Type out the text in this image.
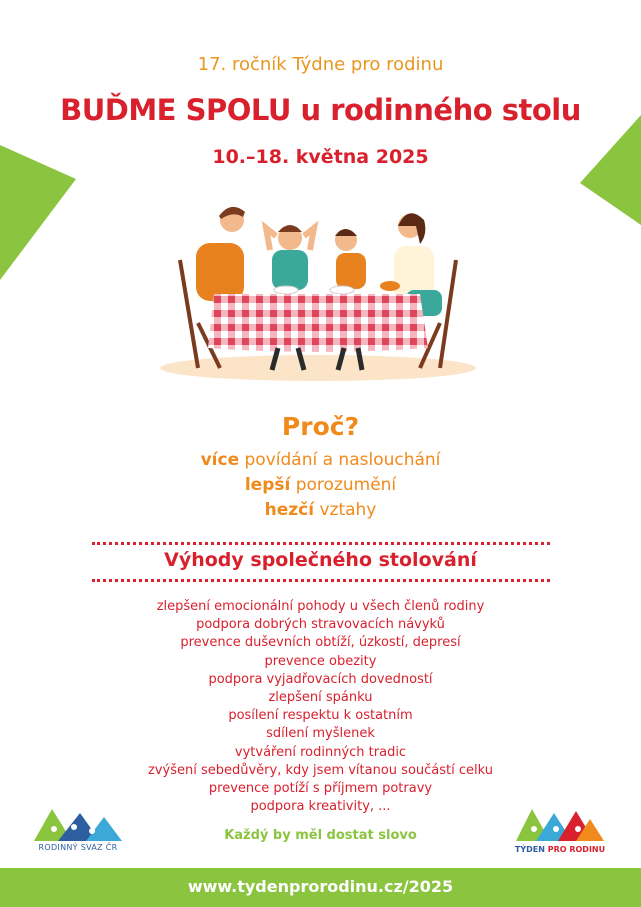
17. ročník Týdne pro rodinu
BUĎME SPOLU u rodinného stolu
10.–18. května 2025
Proč?
více povídání a naslouchání
lepší porozumění
hezčí vztahy
Výhody společného stolování
zlepšení emocionální pohody u všech členů rodiny
podpora dobrých stravovacích návyků
prevence duševních obtíží, úzkostí, depresí
prevence obezity
podpora vyjadřovacích dovedností
zlepšení spánku
posílení respektu k ostatním
sdílení myšlenek
vytváření rodinných tradic
zvýšení sebedůvěry, kdy jsem vítanou součástí celku
prevence potíží s příjmem potravy
podpora kreativity, ...
RODINNÝ SVAZ ČR
Každý by měl dostat slovo
TÝDEN PRO RODINU
www.tydenprorodinu.cz/2025
